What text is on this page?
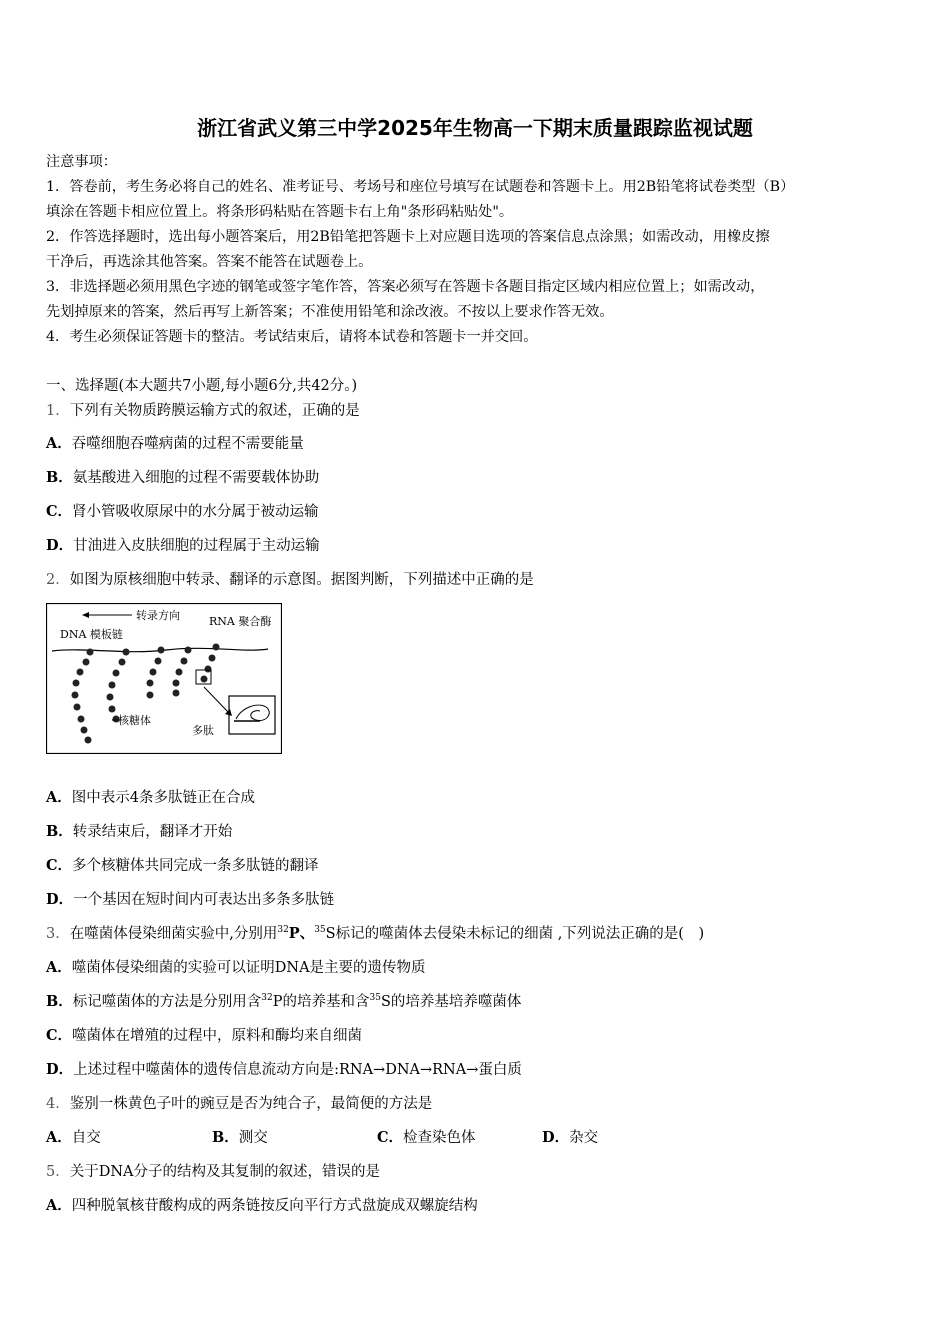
浙江省武义第三中学2025年生物高一下期末质量跟踪监视试题
注意事项：
1．答卷前，考生务必将自己的姓名、准考证号、考场号和座位号填写在试题卷和答题卡上。用2B铅笔将试卷类型（B）
填涂在答题卡相应位置上。将条形码粘贴在答题卡右上角"条形码粘贴处"。
2．作答选择题时，选出每小题答案后，用2B铅笔把答题卡上对应题目选项的答案信息点涂黑；如需改动，用橡皮擦
干净后，再选涂其他答案。答案不能答在试题卷上。
3．非选择题必须用黑色字迹的钢笔或签字笔作答，答案必须写在答题卡各题目指定区域内相应位置上；如需改动，
先划掉原来的答案，然后再写上新答案；不准使用铅笔和涂改液。不按以上要求作答无效。
4．考生必须保证答题卡的整洁。考试结束后，请将本试卷和答题卡一并交回。
一、选择题(本大题共7小题,每小题6分,共42分。)
1．下列有关物质跨膜运输方式的叙述，正确的是
A．吞噬细胞吞噬病菌的过程不需要能量
B．氨基酸进入细胞的过程不需要载体协助
C．肾小管吸收原尿中的水分属于被动运输
D．甘油进入皮肤细胞的过程属于主动运输
2．如图为原核细胞中转录、翻译的示意图。据图判断，下列描述中正确的是
转录方向	RNA 聚合酶
DNA 模板链
核糖体
多肽
A．图中表示4条多肽链正在合成
B．转录结束后，翻译才开始
C．多个核糖体共同完成一条多肽链的翻译
D．一个基因在短时间内可表达出多条多肽链
3．在噬菌体侵染细菌实验中,分别用$^{32}$P、$^{35}$S标记的噬菌体去侵染未标记的细菌 ,下列说法正确的是(　)
A．噬菌体侵染细菌的实验可以证明DNA是主要的遗传物质
B．标记噬菌体的方法是分别用含$^{32}$P的培养基和含$^{35}$S的培养基培养噬菌体
C．噬菌体在增殖的过程中，原料和酶均来自细菌
D．上述过程中噬菌体的遗传信息流动方向是:RNA→DNA→RNA→蛋白质
4．鉴别一株黄色子叶的豌豆是否为纯合子，最简便的方法是
A．自交	B．测交	C．检查染色体	D．杂交
5．关于DNA分子的结构及其复制的叙述，错误的是
A．四种脱氧核苷酸构成的两条链按反向平行方式盘旋成双螺旋结构
